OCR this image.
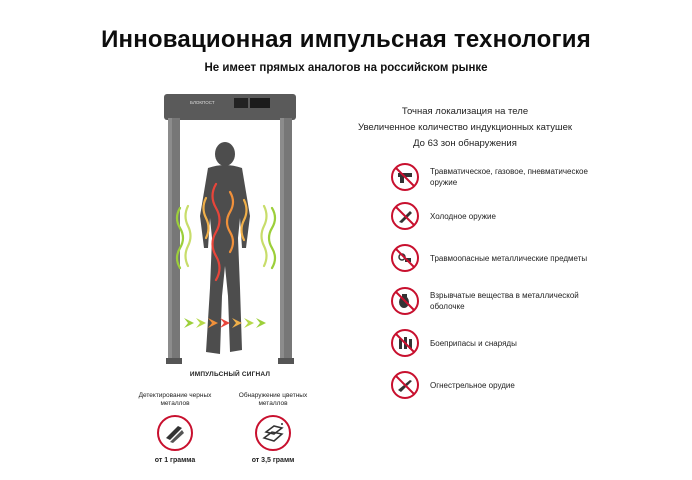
Инновационная импульсная технология
Не имеет прямых аналогов на российском рынке
БЛОКПОСТ
ИМПУЛЬСНЫЙ СИГНАЛ
Точная локализация на теле
Увеличенное количество индукционных катушек
До 63 зон обнаружения
Травматическое, газовое, пневматическое оружие
Холодное оружие
Травмоопасные металлические предметы
Взрывчатые вещества в металлической оболочке
Боеприпасы и снаряды
Огнестрельное орудие
Детектирование черных металлов
от 1 грамма
Обнаружение цветных металлов
от 3,5 грамм
